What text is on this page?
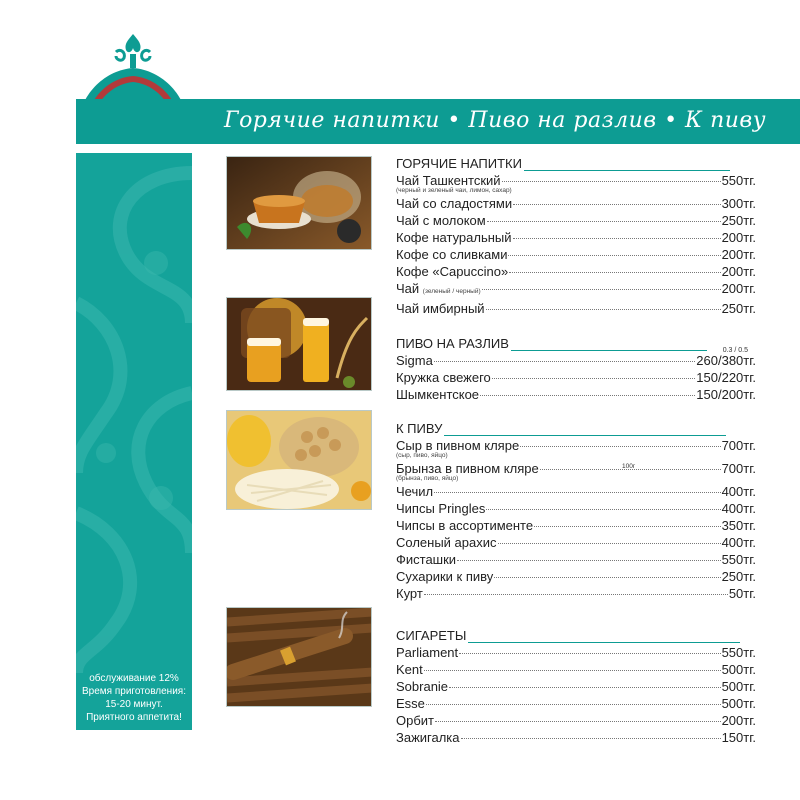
Горячие напитки • Пиво на разлив • К пиву
обслуживание 12%
Время приготовления:
15-20 минут.
Приятного аппетита!
ГОРЯЧИЕ НАПИТКИ
Чай Ташкентский	550тг.
(черный и зеленый чаи, лимон, сахар)
Чай со сладостями	300тг.
Чай с молоком	250тг.
Кофе натуральный	200тг.
Кофе со сливками	200тг.
Кофе «Capuccino»	200тг.
Чай (зеленый / черный)	200тг.
Чай имбирный	250тг.
ПИВО НА РАЗЛИВ	0.3 / 0.5
Sigma	260/380тг.
Кружка свежего	150/220тг.
Шымкентское	150/200тг.
К ПИВУ
Сыр в пивном кляре	700тг.
(сыр, пиво, яйцо)
Брынза в пивном кляре	700тг.
100г
(брынза, пиво, яйцо)
Чечил	400тг.
Чипсы Pringles	400тг.
Чипсы в ассортименте	350тг.
Соленый арахис	400тг.
Фисташки	550тг.
Сухарики к пиву	250тг.
Курт	50тг.
СИГАРЕТЫ
Parliament	550тг.
Kent	500тг.
Sobranie	500тг.
Esse	500тг.
Орбит	200тг.
Зажигалка	150тг.
